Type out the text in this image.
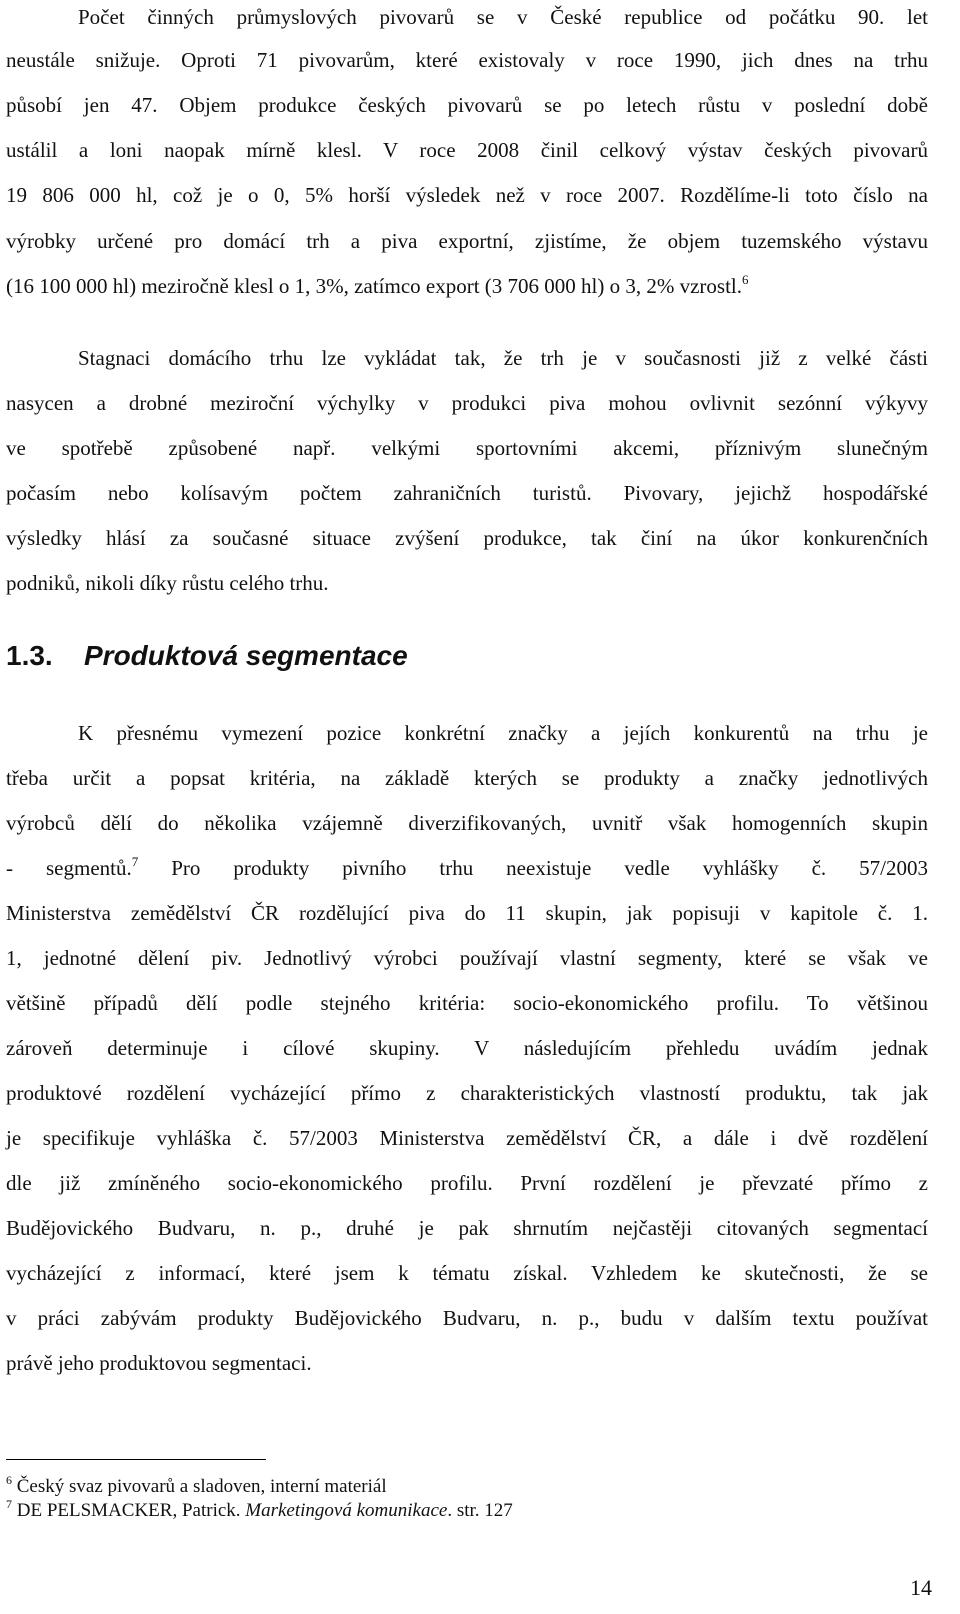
Počet činných průmyslových pivovarů se v České republice od počátku 90. let
neustále snižuje. Oproti 71 pivovarům, které existovaly v roce 1990, jich dnes na trhu
působí jen 47. Objem produkce českých pivovarů se po letech růstu v poslední době
ustálil a loni naopak mírně klesl. V roce 2008 činil celkový výstav českých pivovarů
19 806 000 hl, což je o 0, 5% horší výsledek než v roce 2007. Rozdělíme-li toto číslo na
výrobky určené pro domácí trh a piva exportní, zjistíme, že objem tuzemského výstavu
(16 100 000 hl) meziročně klesl o 1, 3%, zatímco export (3 706 000 hl) o 3, 2% vzrostl.$^6$
Stagnaci domácího trhu lze vykládat tak, že trh je v současnosti již z velké části
nasycen a drobné meziroční výchylky v produkci piva mohou ovlivnit sezónní výkyvy
ve spotřebě způsobené např. velkými sportovními akcemi, příznivým slunečným
počasím nebo kolísavým počtem zahraničních turistů. Pivovary, jejichž hospodářské
výsledky hlásí za současné situace zvýšení produkce, tak činí na úkor konkurenčních
podniků, nikoli díky růstu celého trhu.
1.3. Produktová segmentace
K přesnému vymezení pozice konkrétní značky a jejích konkurentů na trhu je
třeba určit a popsat kritéria, na základě kterých se produkty a značky jednotlivých
výrobců dělí do několika vzájemně diverzifikovaných, uvnitř však homogenních skupin
- segmentů.$^7$ Pro produkty pivního trhu neexistuje vedle vyhlášky č. 57/2003
Ministerstva zemědělství ČR rozdělující piva do 11 skupin, jak popisuji v kapitole č. 1.
1, jednotné dělení piv. Jednotlivý výrobci používají vlastní segmenty, které se však ve
většině případů dělí podle stejného kritéria: socio-ekonomického profilu. To většinou
zároveň determinuje i cílové skupiny. V následujícím přehledu uvádím jednak
produktové rozdělení vycházející přímo z charakteristických vlastností produktu, tak jak
je specifikuje vyhláška č. 57/2003 Ministerstva zemědělství ČR, a dále i dvě rozdělení
dle již zmíněného socio-ekonomického profilu. První rozdělení je převzaté přímo z
Budějovického Budvaru, n. p., druhé je pak shrnutím nejčastěji citovaných segmentací
vycházející z informací, které jsem k tématu získal. Vzhledem ke skutečnosti, že se
v práci zabývám produkty Budějovického Budvaru, n. p., budu v dalším textu používat
právě jeho produktovou segmentaci.
$^6$ Český svaz pivovarů a sladoven, interní materiál
$^7$ DE PELSMACKER, Patrick. Marketingová komunikace. str. 127
14
